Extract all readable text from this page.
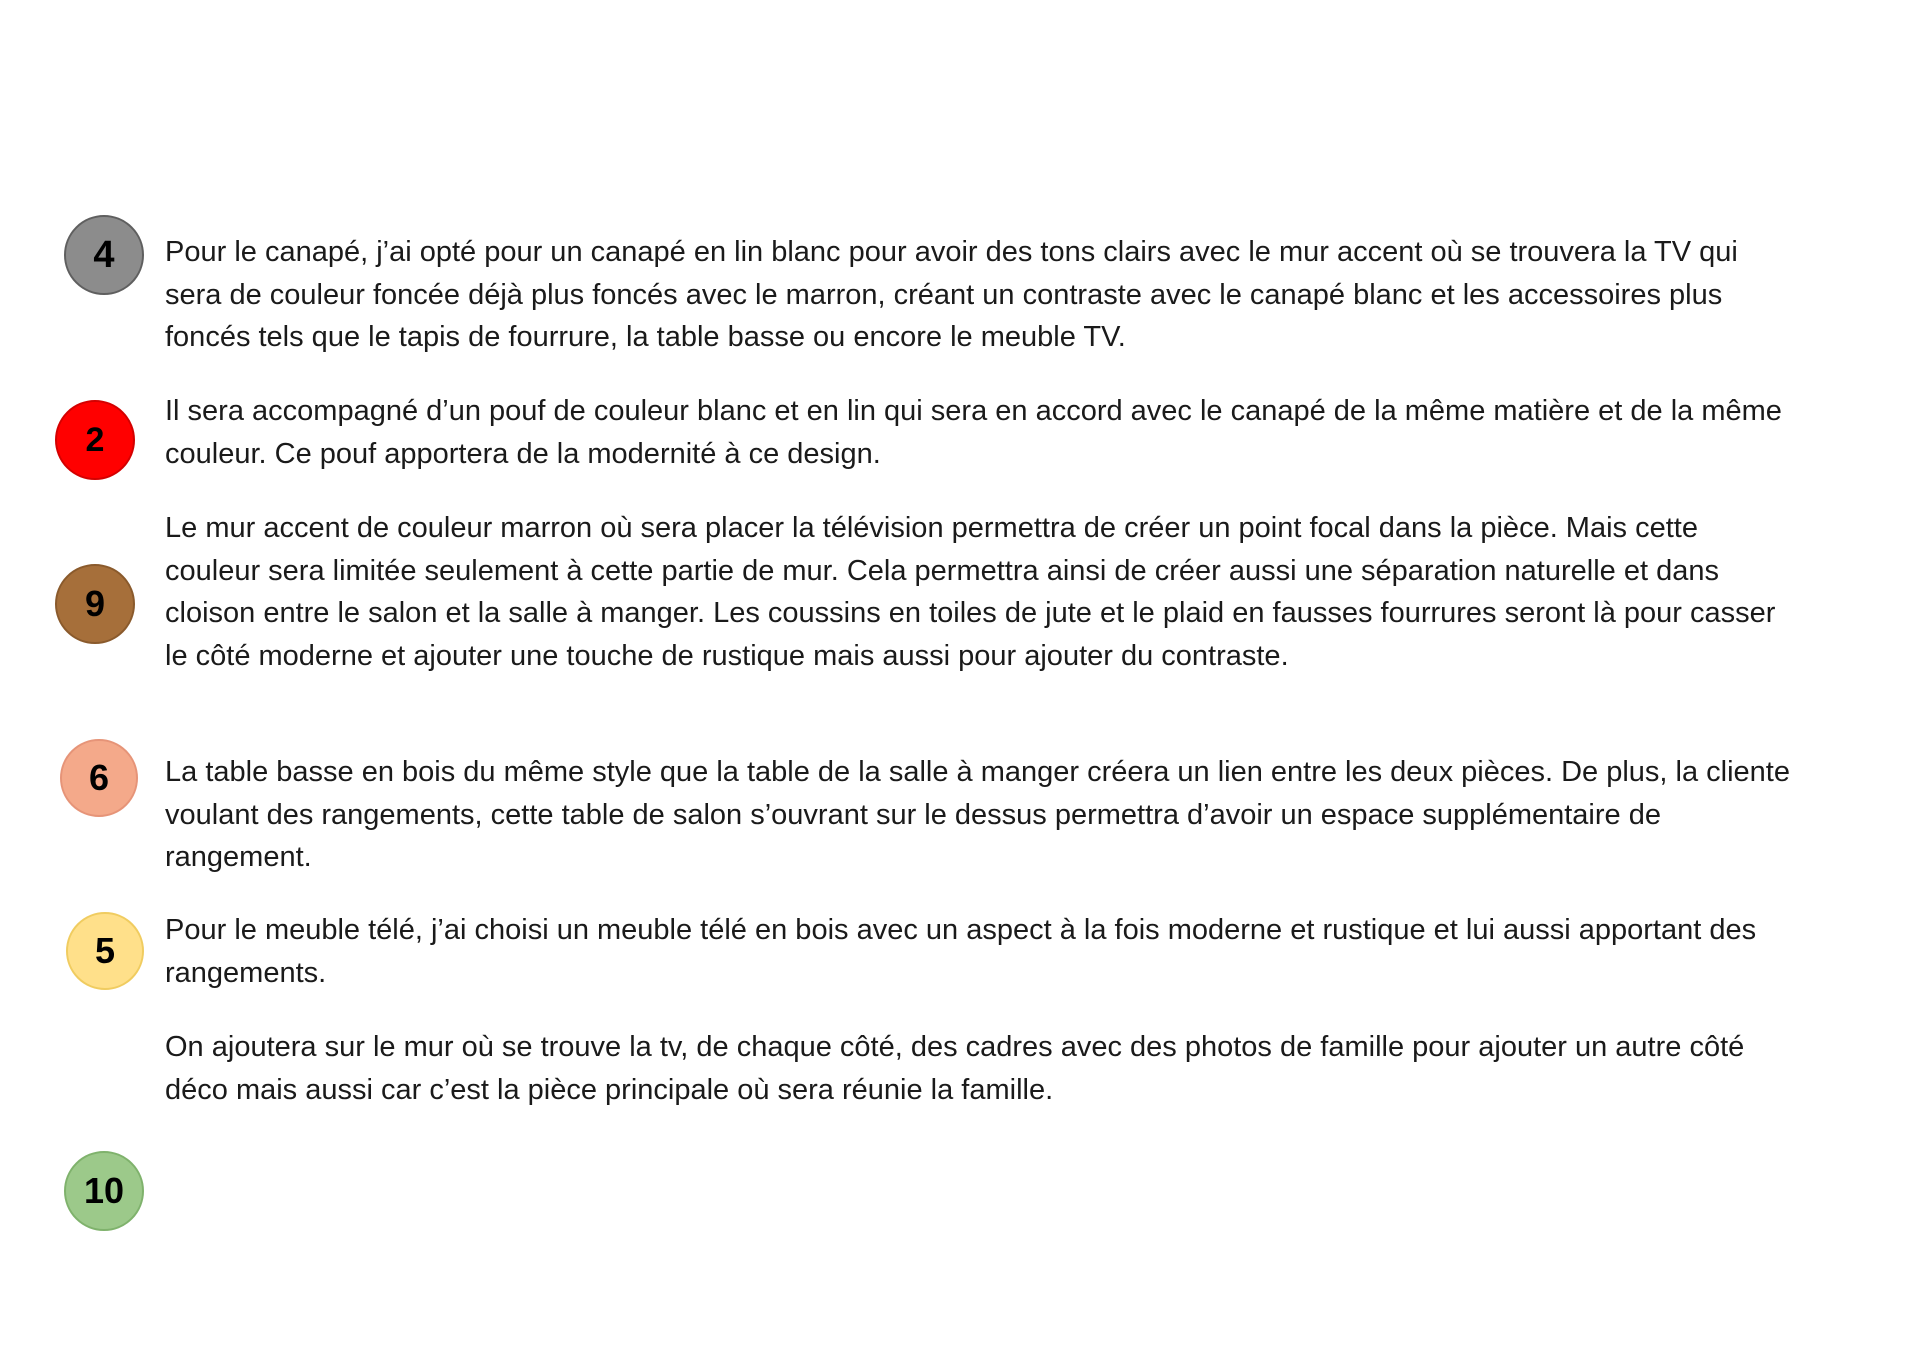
4
2
9
6
5
10

Pour le canapé, j’ai opté pour un canapé en lin blanc pour avoir des tons clairs avec le mur accent où se trouvera la TV qui sera de couleur foncée déjà plus foncés avec le marron, créant un contraste avec le canapé blanc et les accessoires plus foncés tels que le tapis de fourrure, la table basse ou encore le meuble TV.

Il sera accompagné d’un pouf de couleur blanc et en lin qui sera en accord avec le canapé de la même matière et de la même couleur. Ce pouf apportera de la modernité à ce design.

Le mur accent de couleur marron où sera placer la télévision permettra de créer un point focal dans la pièce. Mais cette couleur sera limitée seulement à cette partie de mur. Cela permettra ainsi de créer aussi une séparation naturelle et dans cloison entre le salon et la salle à manger. Les coussins en toiles de jute et le plaid en fausses fourrures seront là pour casser le côté moderne et ajouter une touche de rustique mais aussi pour ajouter du contraste.

La table basse en bois du même style que la table de la salle à manger créera un lien entre les deux pièces. De plus, la cliente voulant des rangements, cette table de salon s’ouvrant sur le dessus permettra d’avoir un espace supplémentaire de rangement.

Pour le meuble télé, j’ai choisi un meuble télé en bois avec un aspect à la fois moderne et rustique et lui aussi apportant des rangements.

On ajoutera sur le mur où se trouve la tv, de chaque côté, des cadres avec des photos de famille pour ajouter un autre côté déco mais aussi car c’est la pièce principale où sera réunie la famille.
